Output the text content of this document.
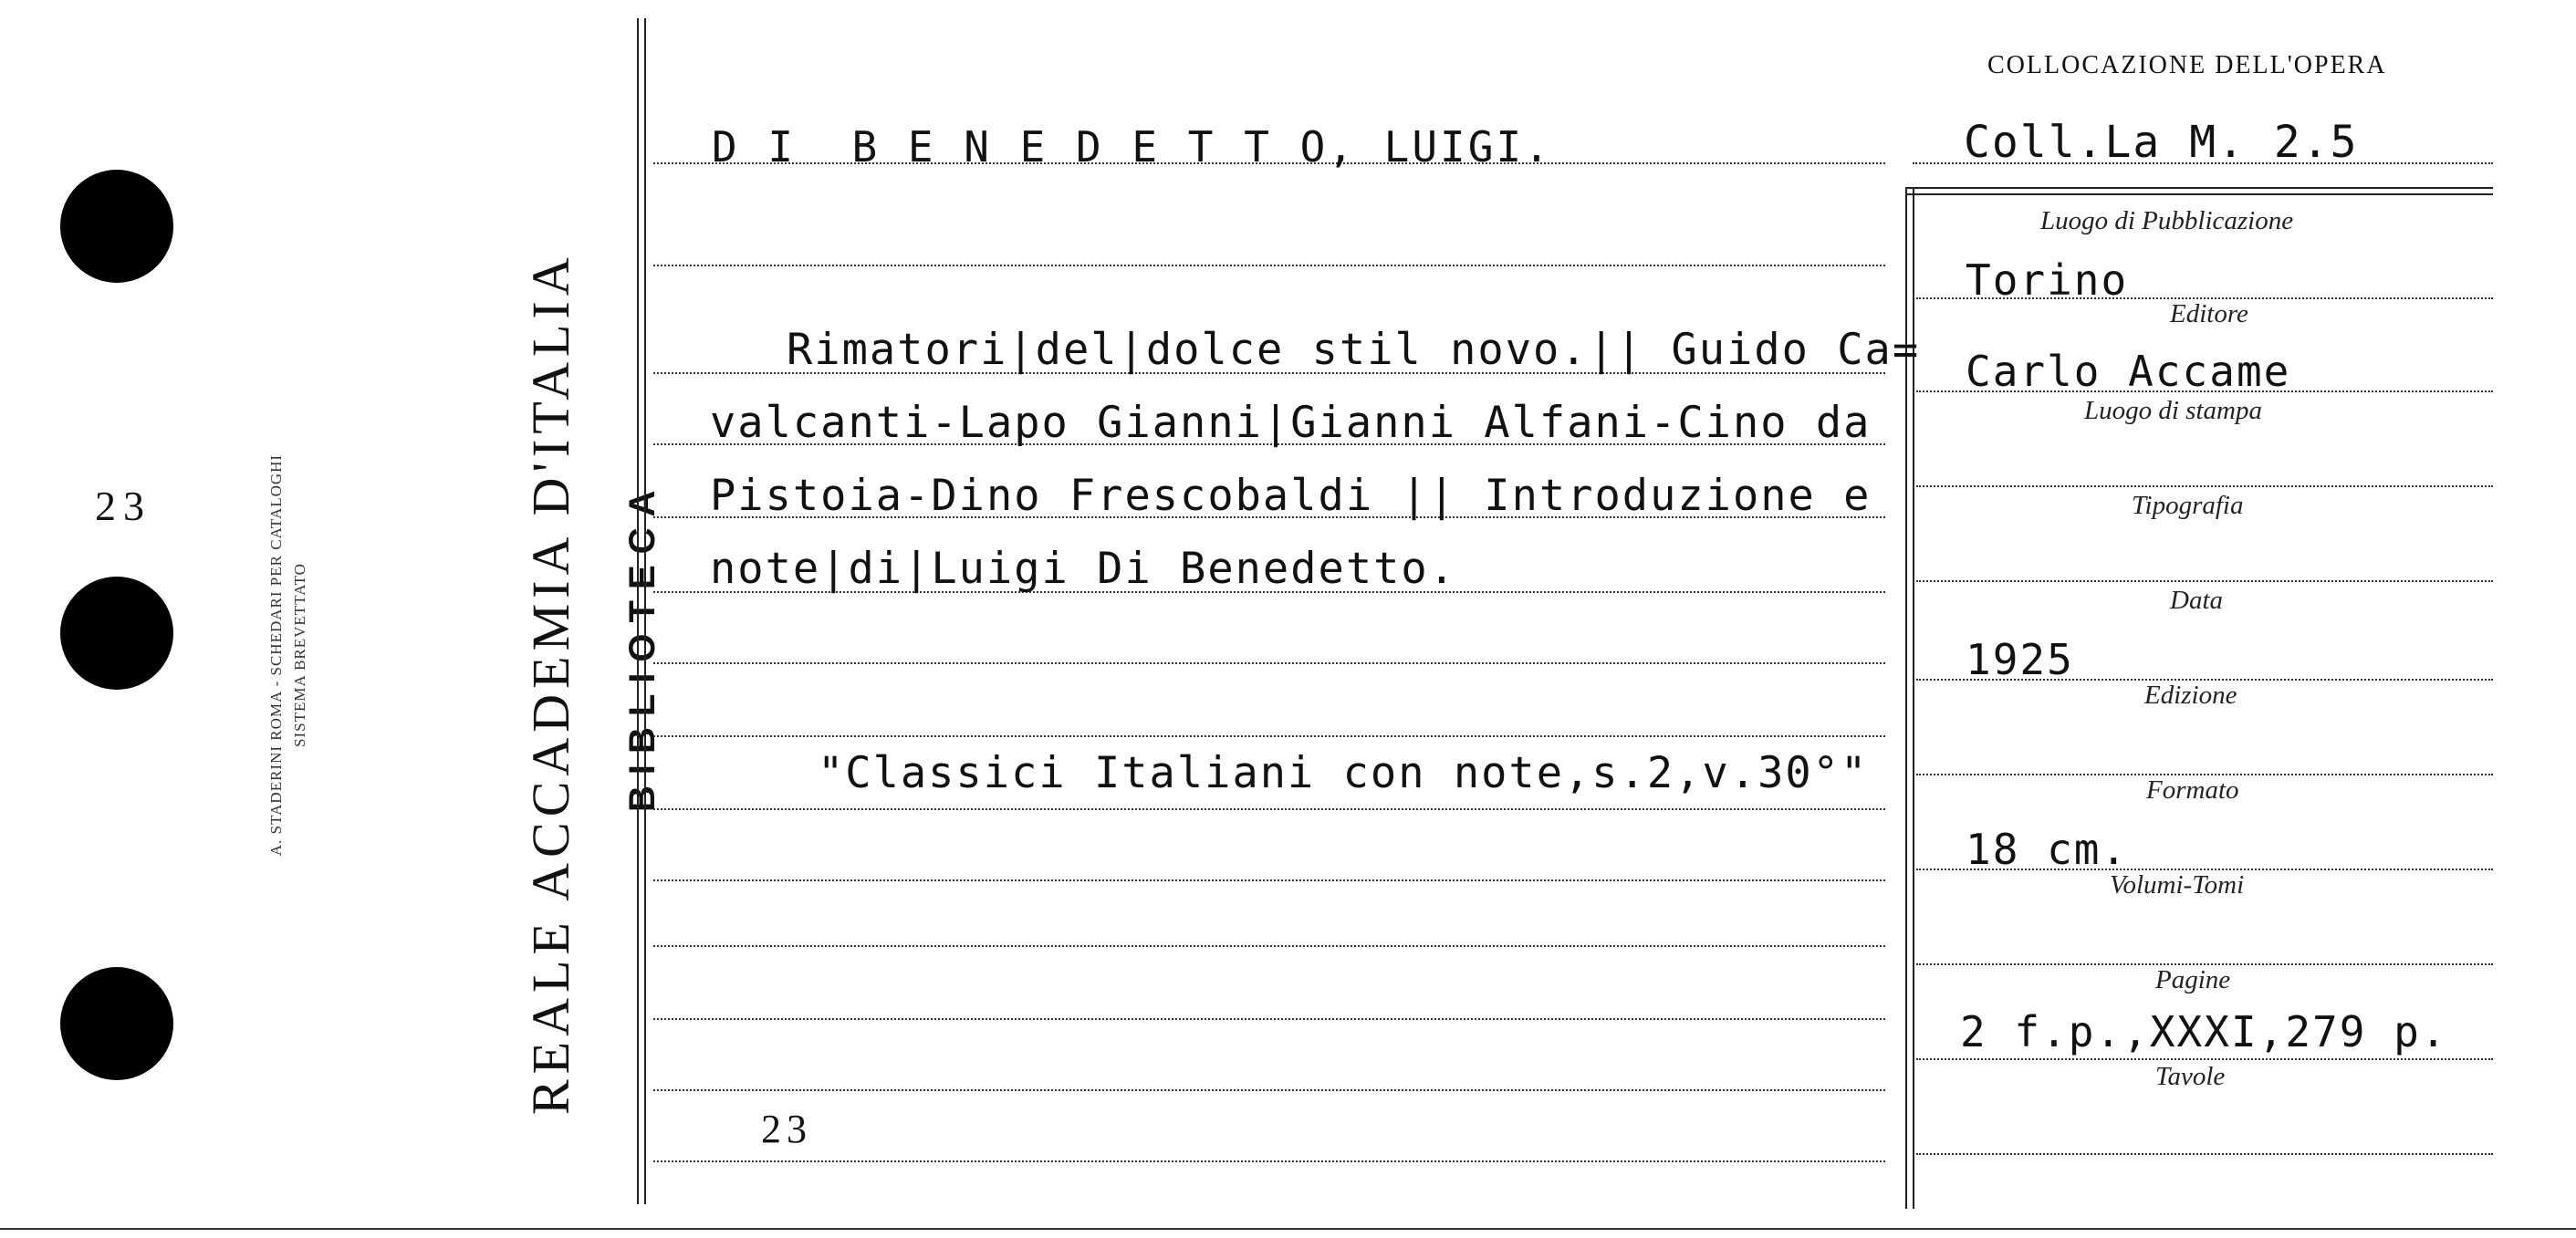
23	A. STADERINI ROMA - SCHEDARI PER CATALOGHI SISTEMA BREVETTATO	REALE ACCADEMIA D'ITALIA BIBLIOTECA
COLLOCAZIONE DELL'OPERA
Coll.La M. 2.5
D I  B E N E D E T T O, LUIGI.
Rimatori|del|dolce stil novo.|| Guido Ca=
valcanti-Lapo Gianni|Gianni Alfani-Cino da
Pistoia-Dino Frescobaldi || Introduzione e
note|di|Luigi Di Benedetto.
"Classici Italiani con note,s.2,v.30°"
23
Luogo di Pubblicazione
Torino
Editore
Carlo Accame
Luogo di stampa
Tipografia
Data
1925
Edizione
Formato
18 cm.
Volumi-Tomi
Pagine
2 f.p.,XXXI,279 p.
Tavole
